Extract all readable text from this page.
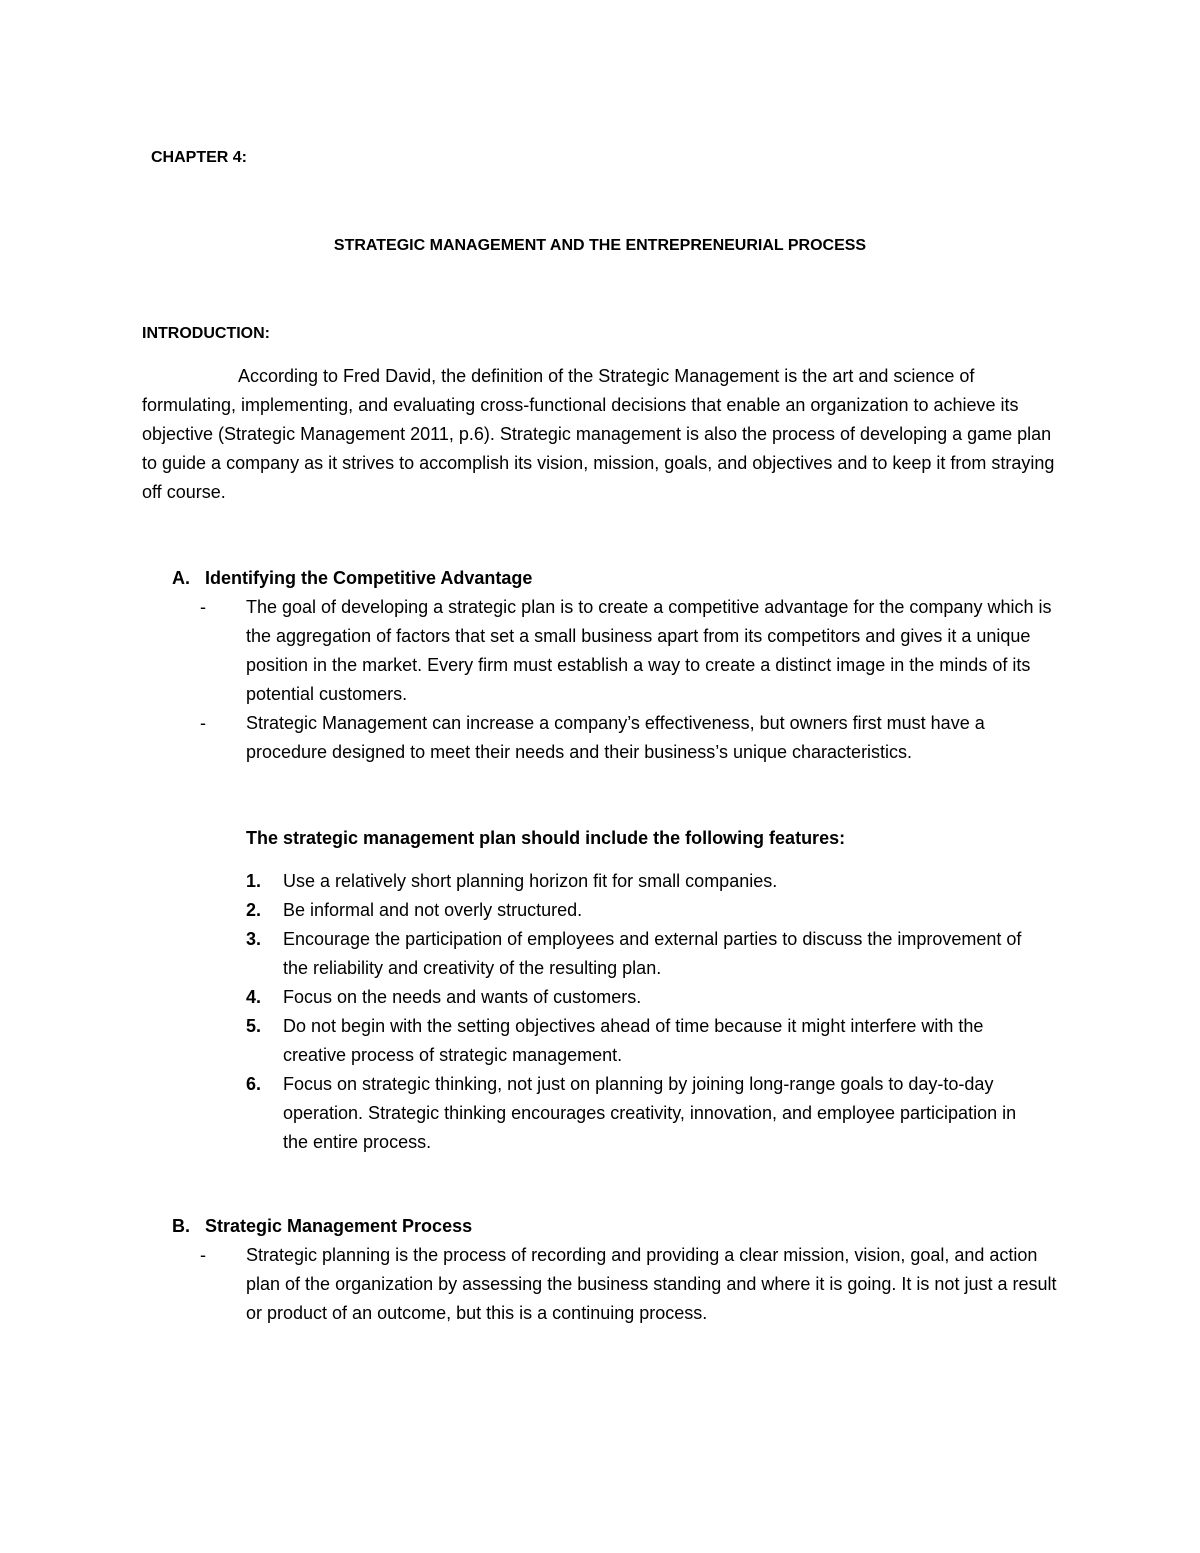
CHAPTER 4:
STRATEGIC MANAGEMENT AND THE ENTREPRENEURIAL PROCESS
INTRODUCTION:

According to Fred David, the definition of the Strategic Management is the art and science of formulating, implementing, and evaluating cross-functional decisions that enable an organization to achieve its objective (Strategic Management 2011, p.6). Strategic management is also the process of developing a game plan to guide a company as it strives to accomplish its vision, mission, goals, and objectives and to keep it from straying off course.

A. Identifying the Competitive Advantage
- The goal of developing a strategic plan is to create a competitive advantage for the company which is the aggregation of factors that set a small business apart from its competitors and gives it a unique position in the market. Every firm must establish a way to create a distinct image in the minds of its potential customers.
- Strategic Management can increase a company’s effectiveness, but owners first must have a procedure designed to meet their needs and their business’s unique characteristics.
The strategic management plan should include the following features:
1. Use a relatively short planning horizon fit for small companies.
2. Be informal and not overly structured.
3. Encourage the participation of employees and external parties to discuss the improvement of the reliability and creativity of the resulting plan.
4. Focus on the needs and wants of customers.
5. Do not begin with the setting objectives ahead of time because it might interfere with the creative process of strategic management.
6. Focus on strategic thinking, not just on planning by joining long-range goals to day-to-day operation. Strategic thinking encourages creativity, innovation, and employee participation in the entire process.
B. Strategic Management Process
- Strategic planning is the process of recording and providing a clear mission, vision, goal, and action plan of the organization by assessing the business standing and where it is going. It is not just a result or product of an outcome, but this is a continuing process.
